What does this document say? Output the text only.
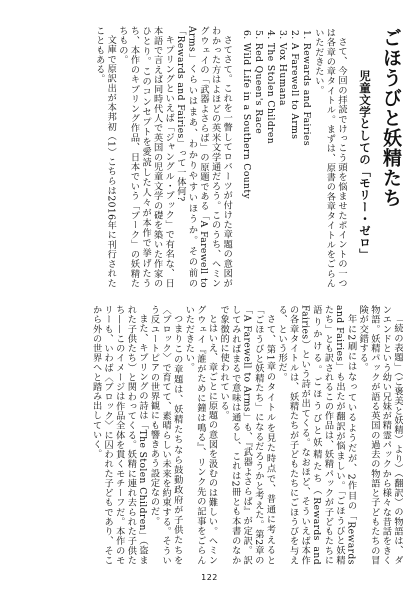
ごほうびと妖精たち
児童文学としての「モリー・ゼロ」

さて、今回の拝読でけっこう頭を悩ませたポイントの一つは各章の章タイトル。まずは、原書の各章タイトルをごらんいただきたい。

1. Rewards and Fairies
2. A Farewell to Arms
3. Vox Humana
4. The Stolen Children
5. Red Queen's Race
6. Wild Life in a Southern County

さてさて。これを一瞥してロバーツが付けた章題の意図がわかった方はよほどの英米文学通だろう。このうち、ヘミングウェイの「武器よさらば」の原題である「A Farewell to Arms」くらいはまあ、わかりやすいほうか。その前の「Rewards and Fairies」って一体何?

キプリングといえば「ジャングル・ブック」で有名な、日本語で言えば同時代人で英国の児童文学の礎を築いた作家のひとり。このコンセプトを愛読した人々が本作で挙げたうち、本作のキプリング作品、日本でいう「プーク」の妖精たちもの。

文庫で原訳出が本邦初（1）こちらは2016年に刊行されたこともある。

「続の表題」（ご褒美と妖精）より）（翻訳）の物語は、ダンエンドという幼い兄妹が精霊パックから様々な昔話をきく物語。妖精パックが語る英国の過去の物語と子どもたちの冒険が交錯する。

年に2刷にはなっているようだが、2作目の「Rewards and Fairies」も出たが翻訳が悩ましい。「ごほうびと妖精たち」とも訳されるこの作品は、妖精パックが子どもたちに語りかける。ごほうびと妖精たち（Rewards and Fairies）という詩が出てくる。なおほど、そういえば本作の各章タイトルは、妖精たちが子どもたちにごほうびを与える、という形だ。

さて、第1章のタイトルを見た時点で、普通に考えると「ごほうびと妖精たち」になるだろうかと考えた。第2章の「A Farewell to Arms」も、『武器よさらば』が定訳。訳してみればまるで意味は通るし、これは2冊とも本書のなかで象徴的に使われている。

とはいえ、章ごとに原題の意図を汲むのは難しい。ヘミングウェイ『誰がために鐘は鳴る』、リンク先の記事をごらんいただきたい。

つまりこの章題は、妖精たちなら鼓動政府が子供たちを〈ブロック〉で育てて、素晴らしい未来を約束する。そういう反ユートピアの世界観にも響きあう設定なのだ。

また、キプリングの詩は「The Stolen Children」（盗まれた子供たち）と関わってくる。妖精に連れ去られた子供たち——このイメージは作品全体を貫くモチーフだ。本作のモリーも、いわば〈ブロック〉に囚われた子どもであり、そこから外の世界へと踏み出していく。

122
